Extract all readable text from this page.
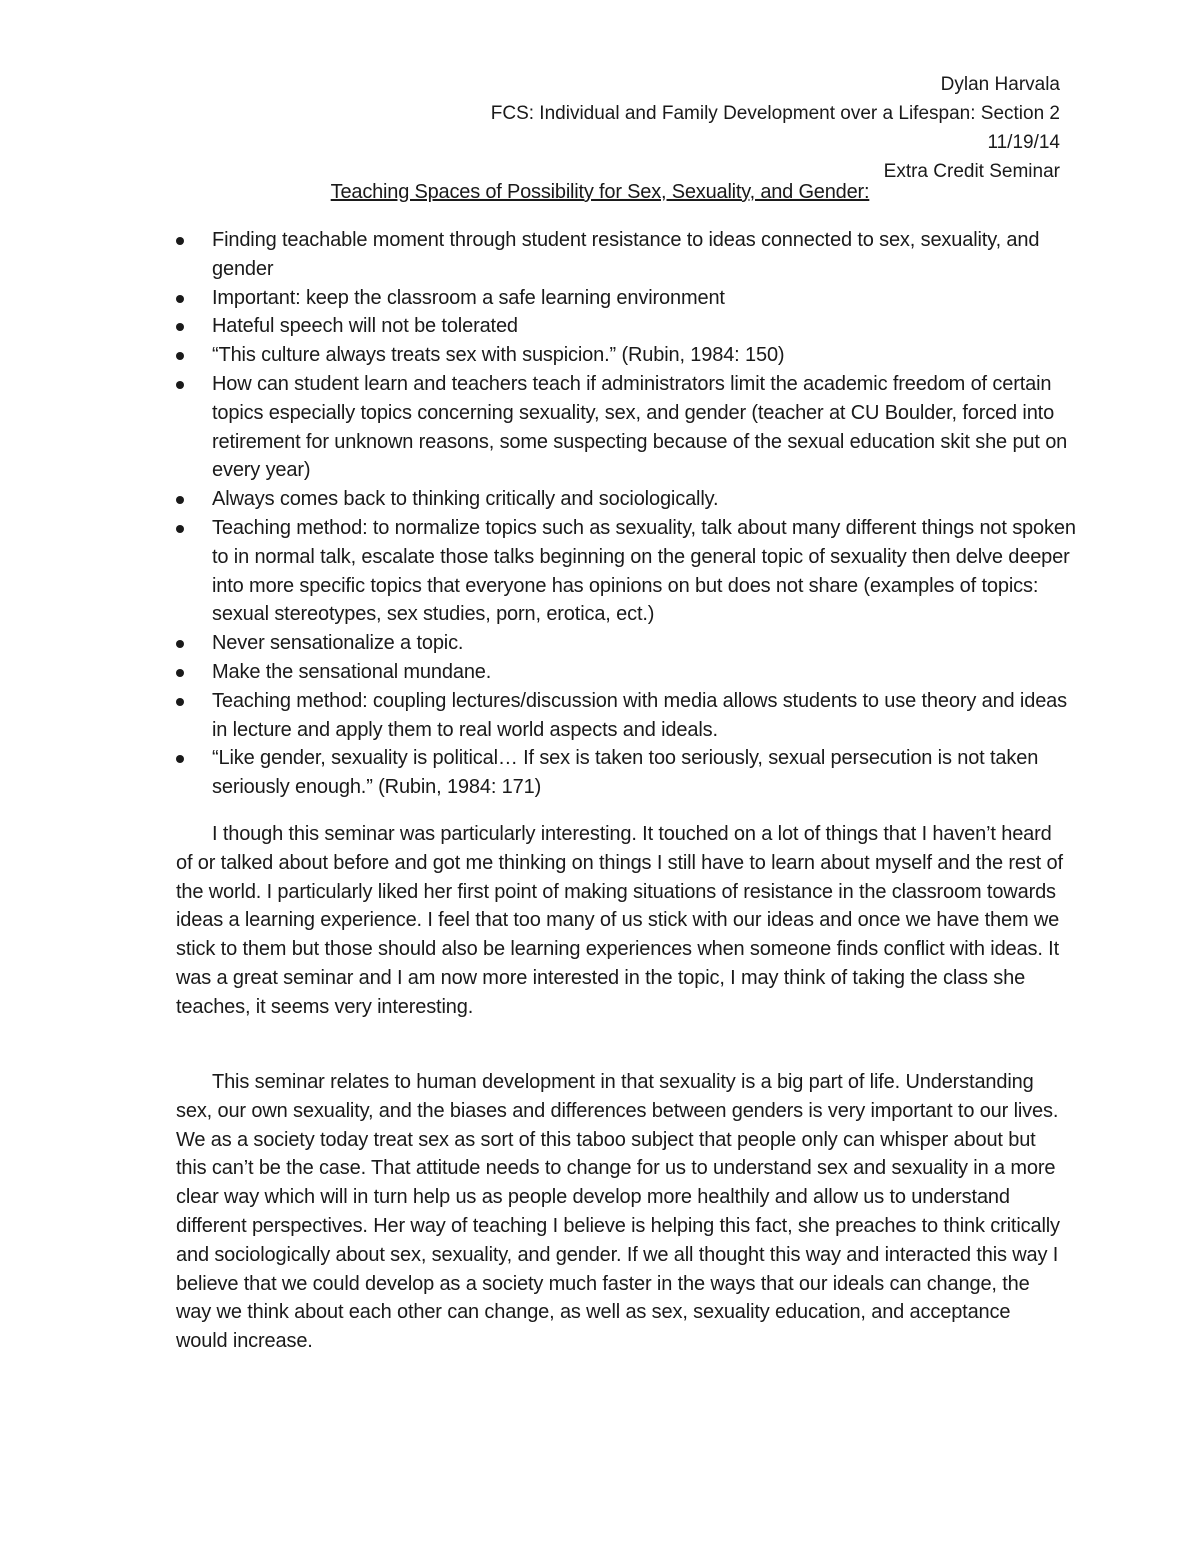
Dylan Harvala
FCS: Individual and Family Development over a Lifespan: Section 2
11/19/14
Extra Credit Seminar
Teaching Spaces of Possibility for Sex, Sexuality, and Gender:
Finding teachable moment through student resistance to ideas connected to sex, sexuality, and gender
Important: keep the classroom a safe learning environment
Hateful speech will not be tolerated
“This culture always treats sex with suspicion.” (Rubin, 1984: 150)
How can student learn and teachers teach if administrators limit the academic freedom of certain topics especially topics concerning sexuality, sex, and gender (teacher at CU Boulder, forced into retirement for unknown reasons, some suspecting because of the sexual education skit she put on every year)
Always comes back to thinking critically and sociologically.
Teaching method: to normalize topics such as sexuality, talk about many different things not spoken to in normal talk, escalate those talks beginning on the general topic of sexuality then delve deeper into more specific topics that everyone has opinions on but does not share (examples of topics: sexual stereotypes, sex studies, porn, erotica, ect.)
Never sensationalize a topic.
Make the sensational mundane.
Teaching method: coupling lectures/discussion with media allows students to use theory and ideas in lecture and apply them to real world aspects and ideals.
“Like gender, sexuality is political… If sex is taken too seriously, sexual persecution is not taken seriously enough.” (Rubin, 1984: 171)

I though this seminar was particularly interesting. It touched on a lot of things that I haven’t heard of or talked about before and got me thinking on things I still have to learn about myself and the rest of the world. I particularly liked her first point of making situations of resistance in the classroom towards ideas a learning experience. I feel that too many of us stick with our ideas and once we have them we stick to them but those should also be learning experiences when someone finds conflict with ideas. It was a great seminar and I am now more interested in the topic, I may think of taking the class she teaches, it seems very interesting.

This seminar relates to human development in that sexuality is a big part of life. Understanding sex, our own sexuality, and the biases and differences between genders is very important to our lives. We as a society today treat sex as sort of this taboo subject that people only can whisper about but this can’t be the case. That attitude needs to change for us to understand sex and sexuality in a more clear way which will in turn help us as people develop more healthily and allow us to understand different perspectives. Her way of teaching I believe is helping this fact, she preaches to think critically and sociologically about sex, sexuality, and gender. If we all thought this way and interacted this way I believe that we could develop as a society much faster in the ways that our ideals can change, the way we think about each other can change, as well as sex, sexuality education, and acceptance would increase.
